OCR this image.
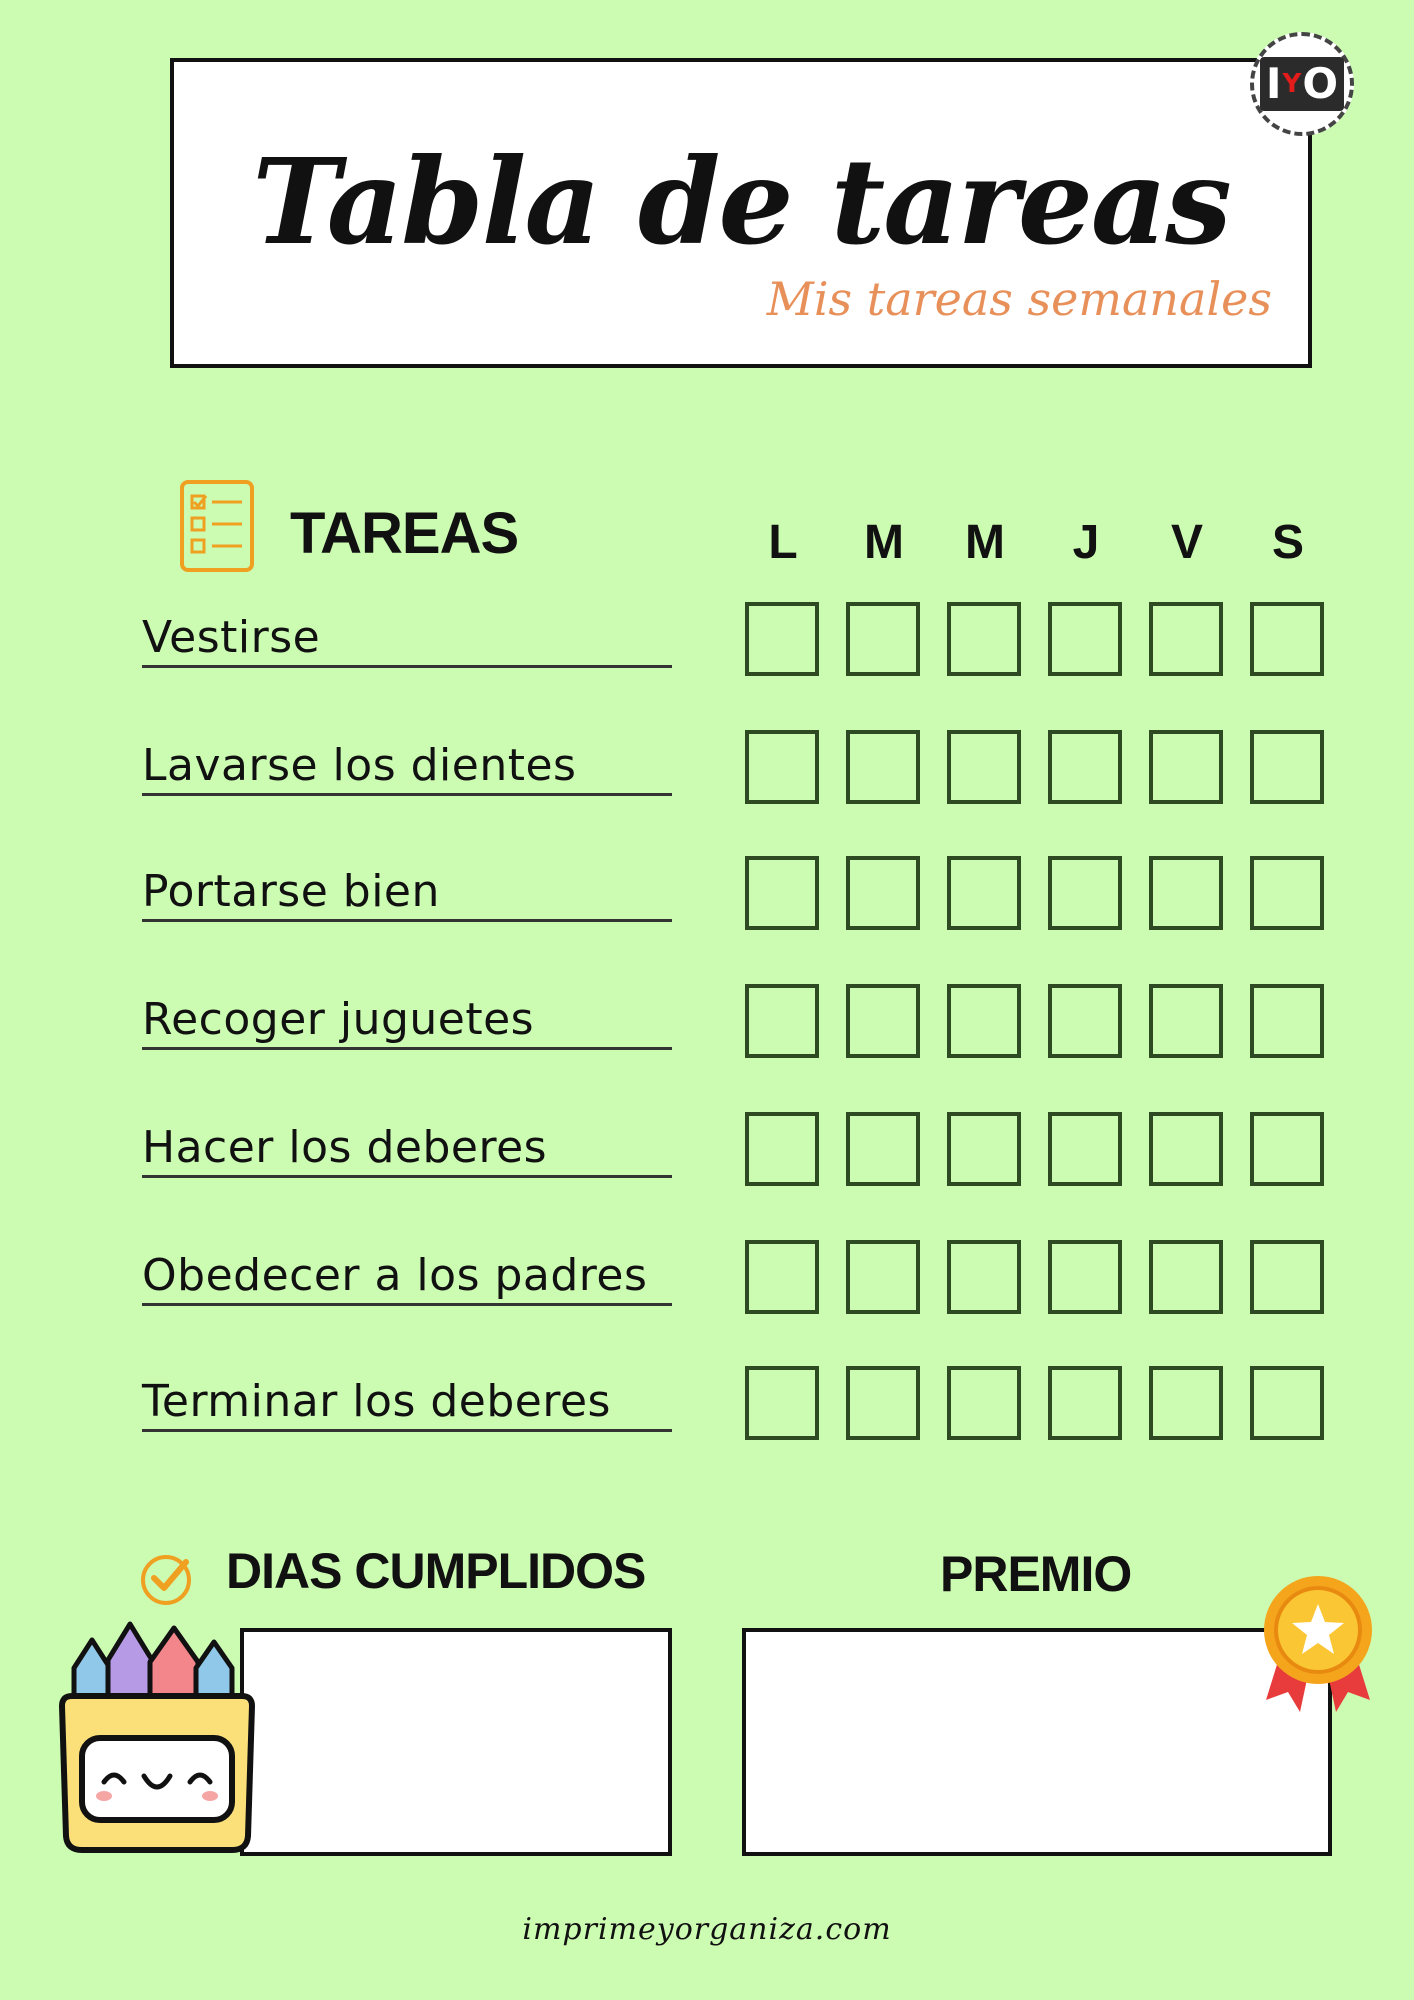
Tabla de tareas
Mis tareas semanales
I Y O
TAREAS	L	M	M	J	V	S
Vestirse
Lavarse los dientes
Portarse bien
Recoger juguetes
Hacer los deberes
Obedecer a los padres
Terminar los deberes
DIAS CUMPLIDOS	PREMIO
imprimeyorganiza.com
